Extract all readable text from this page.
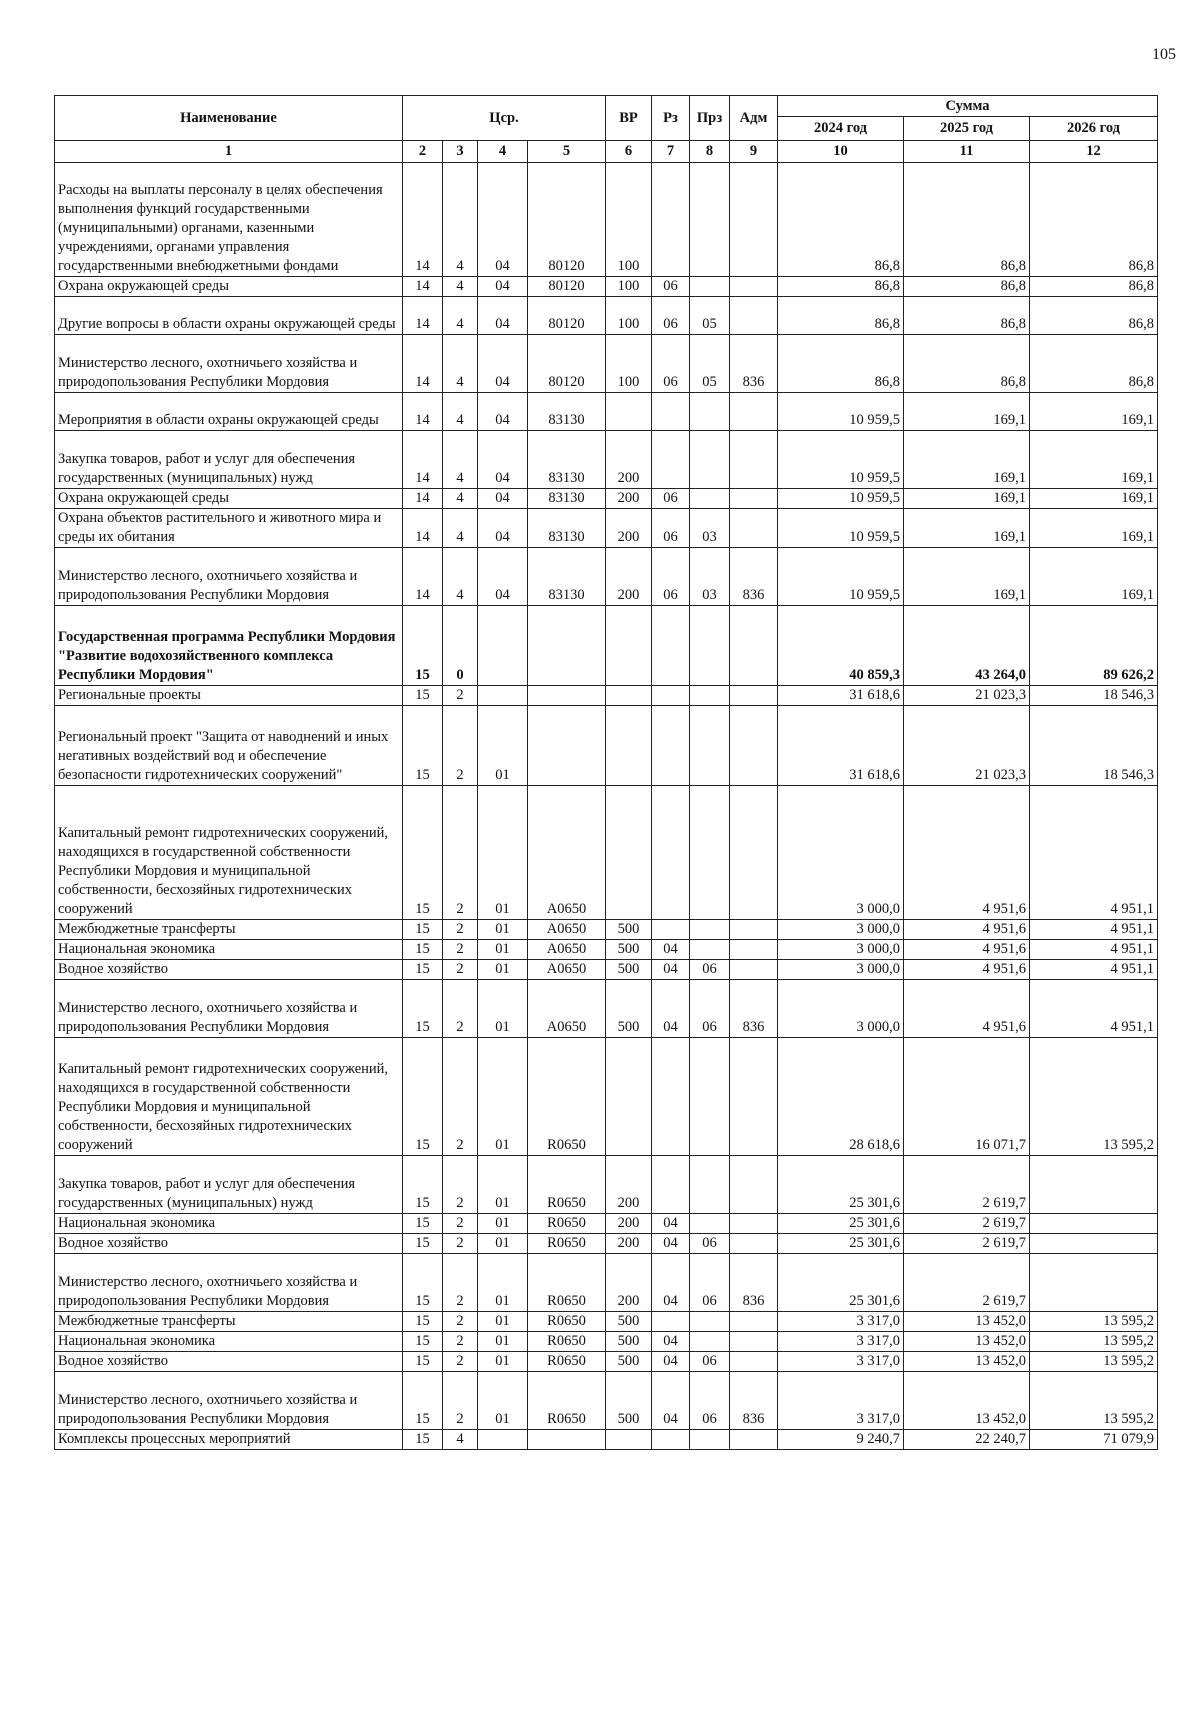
105
Наименование	Цср.				ВР	Рз	Прз	Адм	Сумма		
									2024 год	2025 год	2026 год
1	2	3	4	5	6	7	8	9	10	11	12
Расходы на выплаты персоналу в целях обеспечения выполнения функций государственными (муниципальными) органами, казенными учреждениями, органами управления государственными внебюджетными фондами	14	4	04	80120	100				86,8	86,8	86,8
Охрана окружающей среды	14	4	04	80120	100	06			86,8	86,8	86,8
Другие вопросы в области охраны окружающей среды	14	4	04	80120	100	06	05		86,8	86,8	86,8
Министерство лесного, охотничьего хозяйства и природопользования Республики Мордовия	14	4	04	80120	100	06	05	836	86,8	86,8	86,8
Мероприятия в области охраны окружающей среды	14	4	04	83130					10 959,5	169,1	169,1
Закупка товаров, работ и услуг для обеспечения государственных (муниципальных) нужд	14	4	04	83130	200				10 959,5	169,1	169,1
Охрана окружающей среды	14	4	04	83130	200	06			10 959,5	169,1	169,1
Охрана объектов растительного и животного мира и среды их обитания	14	4	04	83130	200	06	03		10 959,5	169,1	169,1
Министерство лесного, охотничьего хозяйства и природопользования Республики Мордовия	14	4	04	83130	200	06	03	836	10 959,5	169,1	169,1
Государственная программа Республики Мордовия "Развитие водохозяйственного комплекса Республики Мордовия"	15	0							40 859,3	43 264,0	89 626,2
Региональные проекты	15	2							31 618,6	21 023,3	18 546,3
Региональный проект "Защита от наводнений и иных негативных воздействий вод и обеспечение безопасности гидротехнических сооружений"	15	2	01						31 618,6	21 023,3	18 546,3
Капитальный ремонт гидротехнических сооружений, находящихся в государственной собственности Республики Мордовия и муниципальной собственности, бесхозяйных гидротехнических сооружений	15	2	01	A0650					3 000,0	4 951,6	4 951,1
Межбюджетные трансферты	15	2	01	A0650	500				3 000,0	4 951,6	4 951,1
Национальная экономика	15	2	01	A0650	500	04			3 000,0	4 951,6	4 951,1
Водное хозяйство	15	2	01	A0650	500	04	06		3 000,0	4 951,6	4 951,1
Министерство лесного, охотничьего хозяйства и природопользования Республики Мордовия	15	2	01	A0650	500	04	06	836	3 000,0	4 951,6	4 951,1
Капитальный ремонт гидротехнических сооружений, находящихся в государственной собственности Республики Мордовия и муниципальной собственности, бесхозяйных гидротехнических сооружений	15	2	01	R0650					28 618,6	16 071,7	13 595,2
Закупка товаров, работ и услуг для обеспечения государственных (муниципальных) нужд	15	2	01	R0650	200				25 301,6	2 619,7	
Национальная экономика	15	2	01	R0650	200	04			25 301,6	2 619,7	
Водное хозяйство	15	2	01	R0650	200	04	06		25 301,6	2 619,7	
Министерство лесного, охотничьего хозяйства и природопользования Республики Мордовия	15	2	01	R0650	200	04	06	836	25 301,6	2 619,7	
Межбюджетные трансферты	15	2	01	R0650	500				3 317,0	13 452,0	13 595,2
Национальная экономика	15	2	01	R0650	500	04			3 317,0	13 452,0	13 595,2
Водное хозяйство	15	2	01	R0650	500	04	06		3 317,0	13 452,0	13 595,2
Министерство лесного, охотничьего хозяйства и природопользования Республики Мордовия	15	2	01	R0650	500	04	06	836	3 317,0	13 452,0	13 595,2
Комплексы процессных мероприятий	15	4							9 240,7	22 240,7	71 079,9
